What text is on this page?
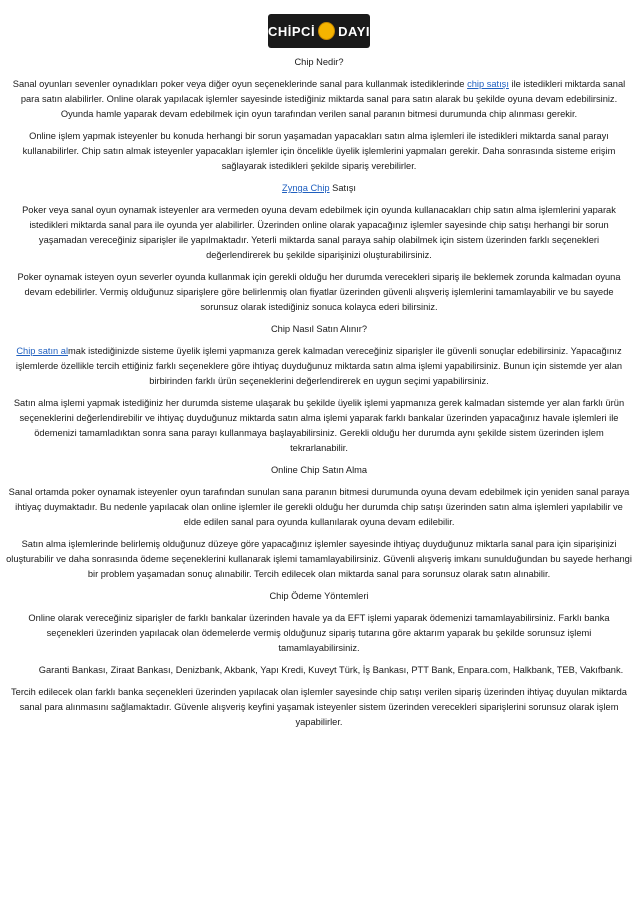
CHİPCİ DAYI

Chip Nedir?

Sanal oyunları sevenler oynadıkları poker veya diğer oyun seçeneklerinde sanal para kullanmak istediklerinde chip satışı ile istedikleri miktarda sanal para satın alabilirler. Online olarak yapılacak işlemler sayesinde istediğiniz miktarda sanal para satın alarak bu şekilde oyuna devam edebilirsiniz. Oyunda hamle yaparak devam edebilmek için oyun tarafından verilen sanal paranın bitmesi durumunda chip alınması gerekir.

Online işlem yapmak isteyenler bu konuda herhangi bir sorun yaşamadan yapacakları satın alma işlemleri ile istedikleri miktarda sanal parayı kullanabilirler. Chip satın almak isteyenler yapacakları işlemler için öncelikle üyelik işlemlerini yapmaları gerekir. Daha sonrasında sisteme erişim sağlayarak istedikleri şekilde sipariş verebilirler.

Zynga Chip Satışı

Poker veya sanal oyun oynamak isteyenler ara vermeden oyuna devam edebilmek için oyunda kullanacakları chip satın alma işlemlerini yaparak istedikleri miktarda sanal para ile oyunda yer alabilirler. Üzerinden online olarak yapacağınız işlemler sayesinde chip satışı herhangi bir sorun yaşamadan vereceğiniz siparişler ile yapılmaktadır. Yeterli miktarda sanal paraya sahip olabilmek için sistem üzerinden farklı seçenekleri değerlendirerek bu şekilde siparişinizi oluşturabilirsiniz.

Poker oynamak isteyen oyun severler oyunda kullanmak için gerekli olduğu her durumda verecekleri sipariş ile beklemek zorunda kalmadan oyuna devam edebilirler. Vermiş olduğunuz siparişlere göre belirlenmiş olan fiyatlar üzerinden güvenli alışveriş işlemlerini tamamlayabilir ve bu sayede sorunsuz olarak istediğiniz sonuca kolayca ederi bilirsiniz.

Chip Nasıl Satın Alınır?

Chip satın almak istediğinizde sisteme üyelik işlemi yapmanıza gerek kalmadan vereceğiniz siparişler ile güvenli sonuçlar edebilirsiniz. Yapacağınız işlemlerde özellikle tercih ettiğiniz farklı seçeneklere göre ihtiyaç duyduğunuz miktarda satın alma işlemi yapabilirsiniz. Bunun için sistemde yer alan birbirinden farklı ürün seçeneklerini değerlendirerek en uygun seçimi yapabilirsiniz.

Satın alma işlemi yapmak istediğiniz her durumda sisteme ulaşarak bu şekilde üyelik işlemi yapmanıza gerek kalmadan sistemde yer alan farklı ürün seçeneklerini değerlendirebilir ve ihtiyaç duyduğunuz miktarda satın alma işlemi yaparak farklı bankalar üzerinden yapacağınız havale işlemleri ile ödemenizi tamamladıktan sonra sana parayı kullanmaya başlayabilirsiniz. Gerekli olduğu her durumda aynı şekilde sistem üzerinden işlem tekrarlanabilir.

Online Chip Satın Alma

Sanal ortamda poker oynamak isteyenler oyun tarafından sunulan sana paranın bitmesi durumunda oyuna devam edebilmek için yeniden sanal paraya ihtiyaç duymaktadır. Bu nedenle yapılacak olan online işlemler ile gerekli olduğu her durumda chip satışı üzerinden satın alma işlemleri yapılabilir ve elde edilen sanal para oyunda kullanılarak oyuna devam edilebilir.

Satın alma işlemlerinde belirlemiş olduğunuz düzeye göre yapacağınız işlemler sayesinde ihtiyaç duyduğunuz miktarla sanal para için siparişinizi oluşturabilir ve daha sonrasında ödeme seçeneklerini kullanarak işlemi tamamlayabilirsiniz. Güvenli alışveriş imkanı sunulduğundan bu sayede herhangi bir problem yaşamadan sonuç alınabilir. Tercih edilecek olan miktarda sanal para sorunsuz olarak satın alınabilir.

Chip Ödeme Yöntemleri

Online olarak vereceğiniz siparişler de farklı bankalar üzerinden havale ya da EFT işlemi yaparak ödemenizi tamamlayabilirsiniz. Farklı banka seçenekleri üzerinden yapılacak olan ödemelerde vermiş olduğunuz sipariş tutarına göre aktarım yaparak bu şekilde sorunsuz işlemi tamamlayabilirsiniz.

Garanti Bankası, Ziraat Bankası, Denizbank, Akbank, Yapı Kredi, Kuveyt Türk, İş Bankası, PTT Bank, Enpara.com, Halkbank, TEB, Vakıfbank.

Tercih edilecek olan farklı banka seçenekleri üzerinden yapılacak olan işlemler sayesinde chip satışı verilen sipariş üzerinden ihtiyaç duyulan miktarda sanal para alınmasını sağlamaktadır. Güvenle alışveriş keyfini yaşamak isteyenler sistem üzerinden verecekleri siparişlerini sorunsuz olarak işlem yapabilirler.
